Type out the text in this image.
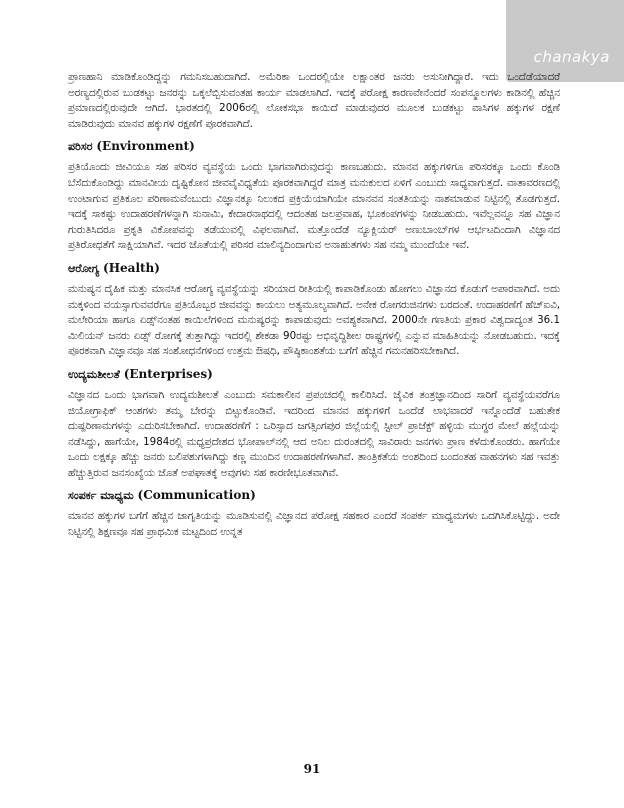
chanakya

ಪ್ರಾಣಹಾನಿ ಮಾಡಿಕೊಂಡಿದ್ದನ್ನು ಗಮನಿಸಬಹುದಾಗಿದೆ. ಅಮೆರಿಕಾ ಒಂದರಲ್ಲಿಯೇ ಲಕ್ಷಾಂತರ ಜನರು ಅಸುನೀಗಿದ್ದಾರೆ. ಇದು ಒಂದೆಡೆಯಾದರೆ ಅರಣ್ಯದಲ್ಲಿರುವ ಬುಡಕಟ್ಟು ಜನರನ್ನು ಒಕ್ಕಲೆಬ್ಬಿಸುವಂತಹ ಕಾರ್ಯ ಮಾಡಲಾಗಿದೆ. ಇದಕ್ಕೆ ಪರೋಕ್ಷ ಕಾರಣವೇನೆಂದರೆ ಸಂಪನ್ಮೂಲಗಳು ಕಾಡಿನಲ್ಲಿ ಹೆಚ್ಚಿನ ಪ್ರಮಾಣದಲ್ಲಿರುವುದೇ ಆಗಿದೆ. ಭಾರತದಲ್ಲಿ 2006ರಲ್ಲಿ ಲೋಕಸಭಾ ಕಾಯಿದೆ ಮಾಡುವುದರ ಮೂಲಕ ಬುಡಕಟ್ಟು ವಾಸಿಗಳ ಹಕ್ಕುಗಳ ರಕ್ಷಣೆ ಮಾಡಿರುವುದು ಮಾನವ ಹಕ್ಕುಗಳ ರಕ್ಷಣೆಗೆ ಪೂರಕವಾಗಿದೆ.

ಪರಿಸರ (Environment)

ಪ್ರತಿಯೊಂದು ಜೀವಿಯೂ ಸಹ ಪರಿಸರ ವ್ಯವಸ್ಥೆಯ ಒಂದು ಭಾಗವಾಗಿರುವುದನ್ನು ಕಾಣಬಹುದು. ಮಾನವ ಹಕ್ಕುಗಳಿಗೂ ಪರಿಸರಕ್ಕೂ ಒಂದು ಕೊಂಡಿ ಬೆಸೆದುಕೊಂಡಿದ್ದು ಮಾನವೀಯ ದೃಷ್ಟಿಕೋನ ಜೀವವೈವಿಧ್ಯತೆಯ ಪೂರಕವಾಗಿದ್ದರೆ ಮಾತ್ರ ಮನುಕುಲದ ಏಳಿಗೆ ಎಂಬುದು ಸಾಧ್ಯವಾಗುತ್ತದೆ. ವಾತಾವರಣದಲ್ಲಿ ಉಂಟಾಗುವ ಪ್ರತಿಕೂಲ ಪರಿಣಾಮವೆಂಬುದು ವಿಜ್ಞಾನಕ್ಕೂ ನಿಲುಕದ ಪ್ರಕ್ರಿಯೆಯಾಗಿಯೇ ಮಾನವನ ಸಂತತಿಯನ್ನು ನಾಶಮಾಡುವ ನಿಟ್ಟಿನಲ್ಲಿ ತೊಡಗುತ್ತದೆ. ಇದಕ್ಕೆ ಸಾಕಷ್ಟು ಉದಾಹರಣೆಗಳನ್ನಾಗಿ ಸುನಾಮಿ, ಕೇದಾರನಾಥದಲ್ಲಿ ಆದಂತಹ ಜಲಪ್ರವಾಹ, ಭೂಕಂಪಗಳನ್ನು ನೀಡಬಹುದು. ಇವೆಲ್ಲವನ್ನೂ ಸಹ ವಿಜ್ಞಾನ ಗುರುತಿಸಿದರೂ ಪ್ರಕೃತಿ ವಿಕೋಪವನ್ನು ತಡೆಯುವಲ್ಲಿ ವಿಫಲವಾಗಿವೆ. ಮತ್ತೊಂದೆಡೆ ನ್ಯೂಕ್ಲಿಯರ್ ಅಣುಬಾಂಬ್‌ಗಳ ಆರ್ಭಟದಿಂದಾಗಿ ವಿಜ್ಞಾನದ ಪ್ರತಿರೋಧತೆಗೆ ಸಾಕ್ಷಿಯಾಗಿವೆ. ಇದರ ಜೊತೆಯಲ್ಲಿ ಪರಿಸರ ಮಾಲಿನ್ಯದಿಂದಾಗುವ ಅನಾಹುತಗಳು ಸಹ ನಮ್ಮ ಮುಂದೆಯೇ ಇವೆ.

ಆರೋಗ್ಯ (Health)

ಮನುಷ್ಯನ ದೈಹಿಕ ಮತ್ತು ಮಾನಸಿಕ ಆರೋಗ್ಯ ವ್ಯವಸ್ಥೆಯನ್ನು ಸರಿಯಾದ ರೀತಿಯಲ್ಲಿ ಕಾಪಾಡಿಕೊಂಡು ಹೋಗಲು ವಿಜ್ಞಾನದ ಕೊಡುಗೆ ಅಪಾರವಾಗಿದೆ. ಅದು ಮಕ್ಕಳಿಂದ ವಯಸ್ಸಾಗುವವರೆಗೂ ಪ್ರತಿಯೊಬ್ಬರ ಜೀವವನ್ನು ಕಾಯಲು ಅತ್ಯಮೂಲ್ಯವಾಗಿದೆ. ಅನೇಕ ರೋಗರುಜಿನಗಳು ಬರದಂತೆ. ಉದಾಹರಣೆಗೆ ಹೆಚ್ಐವಿ, ಮಲೇರಿಯಾ ಹಾಗೂ ಏಡ್ಸ್‌ನಂತಹ ಕಾಯಿಲೆಗಳಿಂದ ಮನುಷ್ಯರನ್ನು ಕಾಪಾಡುವುದು ಅವಶ್ಯಕವಾಗಿದೆ. 2000ನೇ ಗಣತಿಯ ಪ್ರಕಾರ ವಿಶ್ವದಾದ್ಯಂತ 36.1 ಮಿಲಿಯನ್ ಜನರು ಏಡ್ಸ್ ರೋಗಕ್ಕೆ ತುತ್ತಾಗಿದ್ದು ಇದರಲ್ಲಿ ಶೇಕಡಾ 90ರಷ್ಟು ಅಭಿವೃದ್ಧಿಶೀಲ ರಾಷ್ಟ್ರಗಳಲ್ಲಿ ಎನ್ನುವ ಮಾಹಿತಿಯನ್ನು ನೋಡಬಹುದು. ಇದಕ್ಕೆ ಪೂರಕವಾಗಿ ವಿಜ್ಞಾನವೂ ಸಹ ಸಂಶೋಧನೆಗಳಿಂದ ಉತ್ತಮ ಔಷಧಿ, ಪೌಷ್ಠಿಕಾಂಶತೆಯ ಬಗೆಗೆ ಹೆಚ್ಚಿನ ಗಮನಹರಿಸಬೇಕಾಗಿದೆ.

ಉದ್ಯಮಶೀಲತೆ (Enterprises)

ವಿಜ್ಞಾನದ ಒಂದು ಭಾಗವಾಗಿ ಉದ್ಯಮಶೀಲತೆ ಎಂಬುದು ಸಮಕಾಲೀನ ಪ್ರಪಂಚದಲ್ಲಿ ಕಾಲಿರಿಸಿದೆ. ಜೈವಿಕ ತಂತ್ರಜ್ಞಾನದಿಂದ ಸಾರಿಗೆ ವ್ಯವಸ್ಥೆಯವರೆಗೂ ಜಿಯೋಗ್ರಾಫಿಕ್ ಆಂಶಗಳು ತಮ್ಮ ಬೇರನ್ನು ಬಿಟ್ಟುಕೊಂಡಿವೆ. ಇದರಿಂದ ಮಾನವ ಹಕ್ಕುಗಳಿಗೆ ಒಂದೆಡೆ ಲಾಭವಾದರೆ ಇನ್ನೊಂದೆಡೆ ಬಹುತೇಕ ದುಷ್ಪರಿಣಾಮಗಳನ್ನು ಎದುರಿಸಬೇಕಾಗಿದೆ. ಉದಾಹರಣೆಗೆ : ಒರಿಸ್ಸಾದ ಜಗತ್ಸಿಂಗಪುರ ಜಿಲ್ಲೆಯಲ್ಲಿ ಸ್ಟೀಲ್ ಪ್ರಾಜೆಕ್ಟ್ ಹಳ್ಳಿಯ ಮುಗ್ಧರ ಮೇಲೆ ಹಲ್ಲೆಯನ್ನು ನಡೆಸಿದ್ದು, ಹಾಗೆಯೇ, 1984ರಲ್ಲಿ ಮಧ್ಯಪ್ರದೇಶದ ಭೋಪಾಲ್‌ನಲ್ಲಿ ಆದ ಅನಿಲ ದುರಂತದಲ್ಲಿ ಸಾವಿರಾರು ಜನಗಳು ಪ್ರಾಣ ಕಳೆದುಕೊಂಡರು. ಹಾಗೆಯೇ ಒಂದು ಲಕ್ಷಕ್ಕೂ ಹೆಚ್ಚು ಜನರು ಬಲಿಪಶುಗಳಾಗಿದ್ದು ಕಣ್ಣ ಮುಂದಿನ ಉದಾಹರಣೆಗಳಾಗಿವೆ. ತಾಂತ್ರಿಕತೆಯ ಅಂಶದಿಂದ ಬಂದಂತಹ ವಾಹನಗಳು ಸಹ ಇವತ್ತು ಹೆಚ್ಚುತ್ತಿರುವ ಜನಸಂಖ್ಯೆಯ ಜೊತೆ ಅಪಘಾತಕ್ಕೆ ಅವುಗಳು ಸಹ ಕಾರಣೀಭೂತವಾಗಿವೆ.

ಸಂಪರ್ಕ ಮಾಧ್ಯಮ (Communication)

ಮಾನವ ಹಕ್ಕುಗಳ ಬಗೆಗೆ ಹೆಚ್ಚಿನ ಜಾಗೃತಿಯನ್ನು ಮೂಡಿಸುವಲ್ಲಿ ವಿಜ್ಞಾನದ ಪರೋಕ್ಷ ಸಹಕಾರ ಎಂದರೆ ಸಂಪರ್ಕ ಮಾಧ್ಯಮಗಳು ಒದಗಿಸಿಕೊಟ್ಟಿದ್ದು. ಅದೇ ನಿಟ್ಟಿನಲ್ಲಿ ಶಿಕ್ಷಣವೂ ಸಹ ಪ್ರಾಥಮಿಕ ಮಟ್ಟದಿಂದ ಉನ್ನತ

91
